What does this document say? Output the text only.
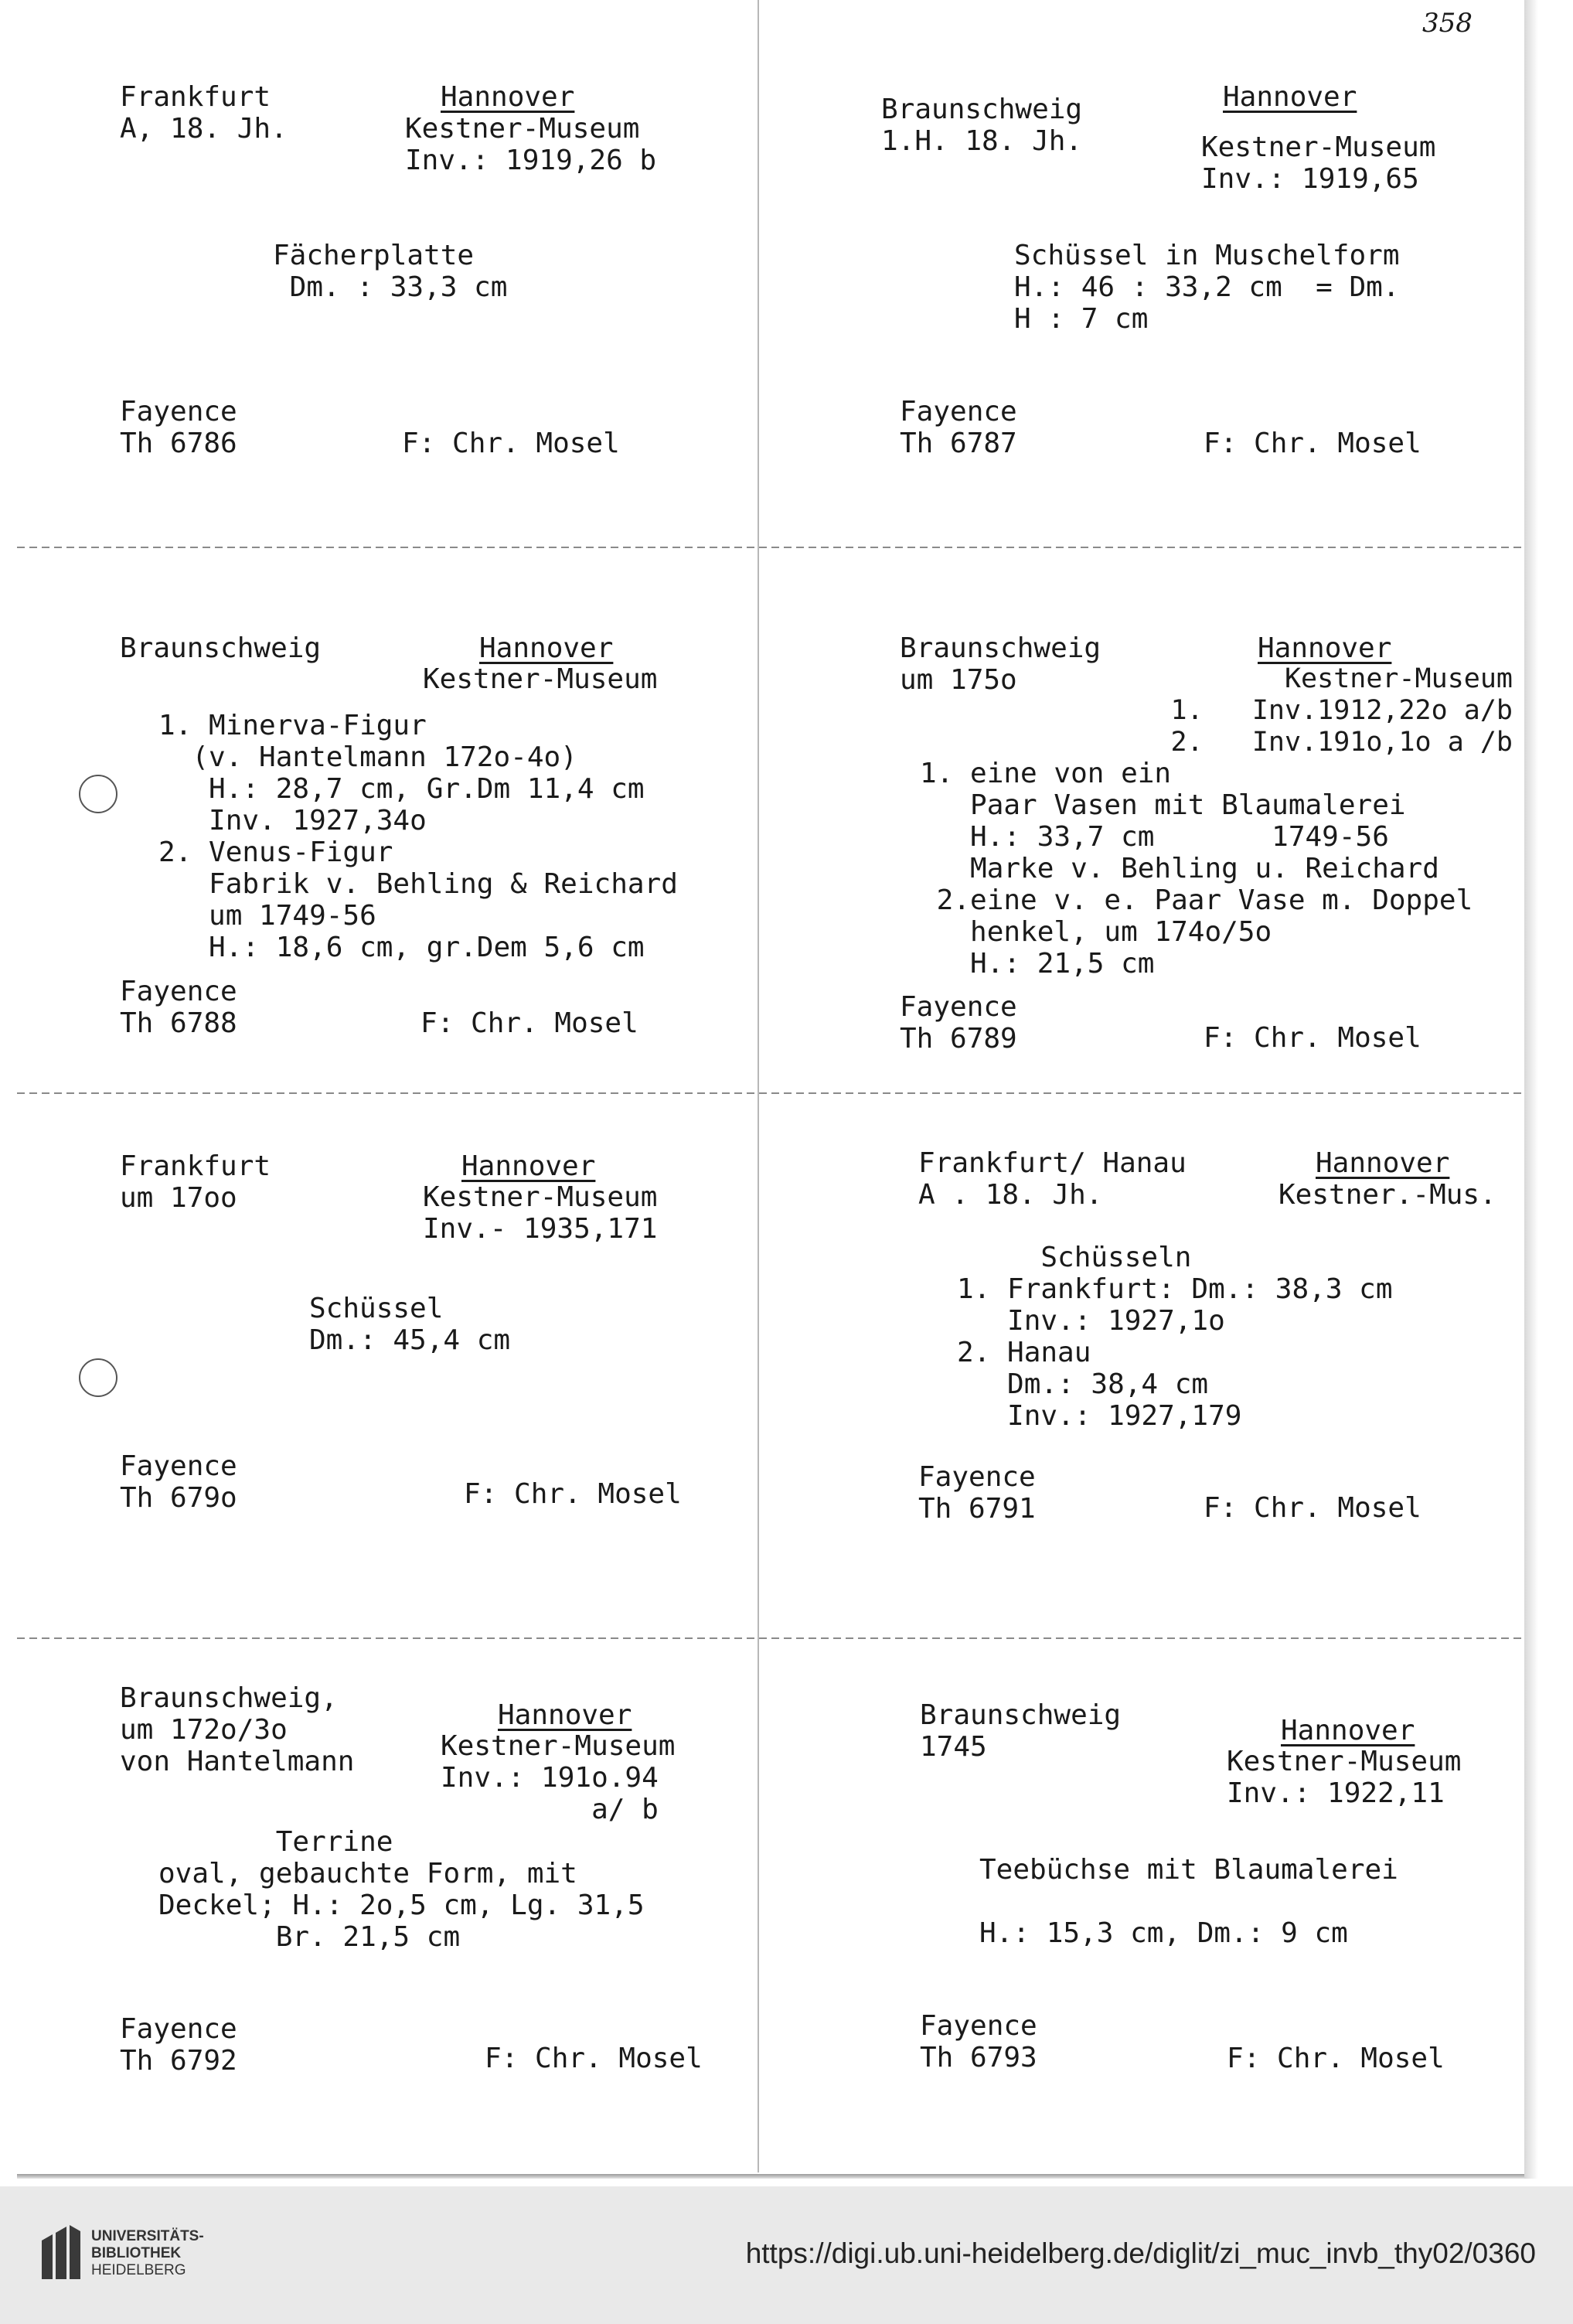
Frankfurt
A, 18. Jh.
Hannover
Kestner-Museum
Inv.: 1919,26 b
Fächerplatte
Dm. : 33,3 cm
Fayence
Th 6786	F: Chr. Mosel
Braunschweig
1.H. 18. Jh.
Hannover
Kestner-Museum
Inv.: 1919,65
Schüssel in Muschelform
H.: 46 : 33,2 cm  = Dm.
H : 7 cm
Fayence
Th 6787	F: Chr. Mosel
Braunschweig	Hannover
Kestner-Museum
1. Minerva-Figur
(v. Hantelmann 172o-4o)
H.: 28,7 cm, Gr.Dm 11,4 cm
Inv. 1927,34o
2. Venus-Figur
Fabrik v. Behling & Reichard
um 1749-56
H.: 18,6 cm, gr.Dem 5,6 cm
Fayence
Th 6788	F: Chr. Mosel
Braunschweig
um 175o
Hannover
Kestner-Museum
1.   Inv.1912,22o a/b
2.   Inv.191o,1o a /b
1. eine von ein
Paar Vasen mit Blaumalerei
H.: 33,7 cm       1749-56
Marke v. Behling u. Reichard
2.eine v. e. Paar Vase m. Doppel
henkel, um 174o/5o
H.: 21,5 cm
Fayence
Th 6789	F: Chr. Mosel
Frankfurt
um 17oo
Hannover
Kestner-Museum
Inv.- 1935,171
Schüssel
Dm.: 45,4 cm
Fayence
Th 679o	F: Chr. Mosel
Frankfurt/ Hanau
A . 18. Jh.
Hannover
Kestner.-Mus.
Schüsseln
1. Frankfurt: Dm.: 38,3 cm
Inv.: 1927,1o
2. Hanau
Dm.: 38,4 cm
Inv.: 1927,179
Fayence
Th 6791	F: Chr. Mosel
Braunschweig,
um 172o/3o
von Hantelmann
Hannover
Kestner-Museum
Inv.: 191o.94
a/ b
Terrine
oval, gebauchte Form, mit
Deckel; H.: 2o,5 cm, Lg. 31,5
Br. 21,5 cm
Fayence
Th 6792	F: Chr. Mosel
Braunschweig
1745
Hannover
Kestner-Museum
Inv.: 1922,11
Teebüchse mit Blaumalerei

H.: 15,3 cm, Dm.: 9 cm
Fayence
Th 6793	F: Chr. Mosel
358
UNIVERSITÄTS-
BIBLIOTHEK
HEIDELBERG
https://digi.ub.uni-heidelberg.de/diglit/zi_muc_invb_thy02/0360
